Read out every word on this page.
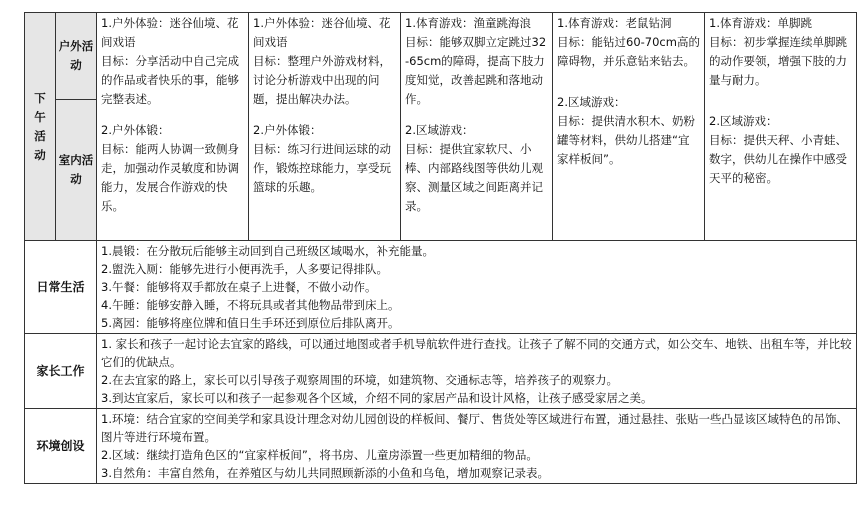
下
午
活
动	户外活动	1.户外体验：迷谷仙境、花间戏语
目标：分享活动中自己完成的作品或者快乐的事，能够完整表述。
2.户外体锻：
目标：能两人协调一致侧身走，加强动作灵敏度和协调能力，发展合作游戏的快乐。	1.户外体验：迷谷仙境、花间戏语
目标：整理户外游戏材料，讨论分析游戏中出现的问题，提出解决办法。
2.户外体锻：
目标：练习行进间运球的动作，锻炼控球能力，享受玩篮球的乐趣。	1.体育游戏：渔童跳海浪
目标：能够双脚立定跳过32-65cm的障碍，提高下肢力度知觉，改善起跳和落地动作。
2.区域游戏：
目标：提供宜家软尺、小棒、内部路线图等供幼儿观察、测量区域之间距离并记录。	1.体育游戏：老鼠钻洞
目标：能钻过60-70cm高的障碍物，并乐意钻来钻去。
2.区域游戏：
目标：提供清水积木、奶粉罐等材料，供幼儿搭建“宜家样板间”。	1.体育游戏：单脚跳
目标：初步掌握连续单脚跳的动作要领，增强下肢的力量与耐力。
2.区域游戏：
目标：提供天秤、小青蛙、数字，供幼儿在操作中感受天平的秘密。

	室内活动					
日常生活		1.晨锻：在分散玩后能够主动回到自己班级区域喝水，补充能量。
2.盥洗入厕：能够先进行小便再洗手，人多要记得排队。
3.午餐：能够将双手都放在桌子上进餐，不做小动作。
4.午睡：能够安静入睡，不将玩具或者其他物品带到床上。
5.离园：能够将座位牌和值日生手环还到原位后排队离开。				

家长工作		1. 家长和孩子一起讨论去宜家的路线，可以通过地图或者手机导航软件进行查找。让孩子了解不同的交通方式，如公交车、地铁、出租车等，并比较它们的优缺点。
2.在去宜家的路上，家长可以引导孩子观察周围的环境，如建筑物、交通标志等，培养孩子的观察力。
3.到达宜家后，家长可以和孩子一起参观各个区域，介绍不同的家居产品和设计风格，让孩子感受家居之美。				

环境创设		1.环境：结合宜家的空间美学和家具设计理念对幼儿园创设的样板间、餐厅、售货处等区域进行布置，通过悬挂、张贴一些凸显该区域特色的吊饰、图片等进行环境布置。
2.区域：继续打造角色区的“宜家样板间”，将书房、儿童房添置一些更加精细的物品。
3.自然角：丰富自然角，在养殖区与幼儿共同照顾新添的小鱼和乌龟，增加观察记录表。				
